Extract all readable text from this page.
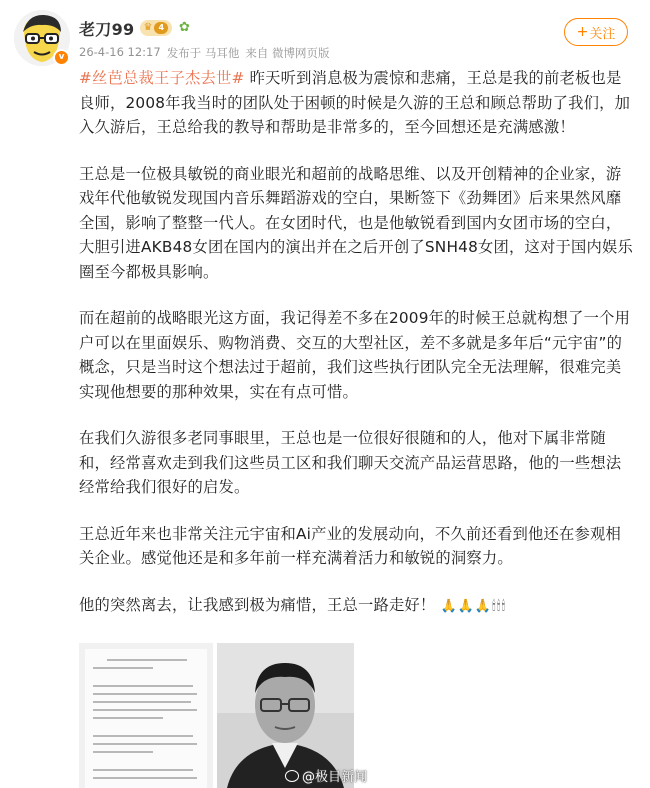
v
老刀99 ♛ 4	✿
26-4-16 12:17 发布于 马耳他 来自 微博网页版
+ 关注

#丝芭总裁王子杰去世# 昨天听到消息极为震惊和悲痛，王总是我的前老板也是良师，2008年我当时的团队处于困顿的时候是久游的王总和顾总帮助了我们，加入久游后，王总给我的教导和帮助是非常多的，至今回想还是充满感激！

王总是一位极具敏锐的商业眼光和超前的战略思维、以及开创精神的企业家，游戏年代他敏锐发现国内音乐舞蹈游戏的空白，果断签下《劲舞团》后来果然风靡全国，影响了整整一代人。在女团时代，也是他敏锐看到国内女团市场的空白，大胆引进AKB48女团在国内的演出并在之后开创了SNH48女团，这对于国内娱乐圈至今都极具影响。

而在超前的战略眼光这方面，我记得差不多在2009年的时候王总就构想了一个用户可以在里面娱乐、购物消费、交互的大型社区，差不多就是多年后“元宇宙”的概念，只是当时这个想法过于超前，我们这些执行团队完全无法理解，很难完美实现他想要的那种效果，实在有点可惜。

在我们久游很多老同事眼里，王总也是一位很好很随和的人，他对下属非常随和，经常喜欢走到我们这些员工区和我们聊天交流产品运营思路，他的一些想法经常给我们很好的启发。

王总近年来也非常关注元宇宙和Ai产业的发展动向，不久前还看到他还在参观相关企业。感觉他还是和多年前一样充满着活力和敏锐的洞察力。

他的突然离去，让我感到极为痛惜，王总一路走好！ 🙏🙏🙏🕯🕯🕯

@极目新闻
